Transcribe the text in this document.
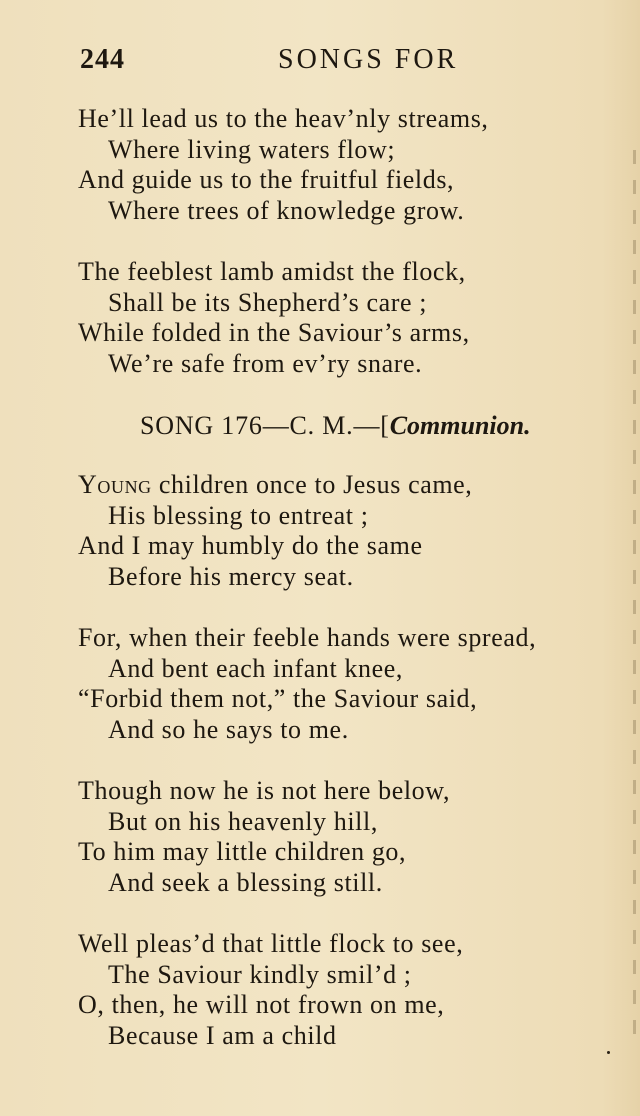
244	SONGS FOR
He’ll lead us to the heav’nly streams,
Where living waters flow;
And guide us to the fruitful fields,
Where trees of knowledge grow.
The feeblest lamb amidst the flock,
Shall be its Shepherd’s care ;
While folded in the Saviour’s arms,
We’re safe from ev’ry snare.
SONG 176—C. M.—[Communion.
Young children once to Jesus came,
His blessing to entreat ;
And I may humbly do the same
Before his mercy seat.
For, when their feeble hands were spread,
And bent each infant knee,
“Forbid them not,” the Saviour said,
And so he says to me.
Though now he is not here below,
But on his heavenly hill,
To him may little children go,
And seek a blessing still.
Well pleas’d that little flock to see,
The Saviour kindly smil’d ;
O, then, he will not frown on me,
Because I am a child
